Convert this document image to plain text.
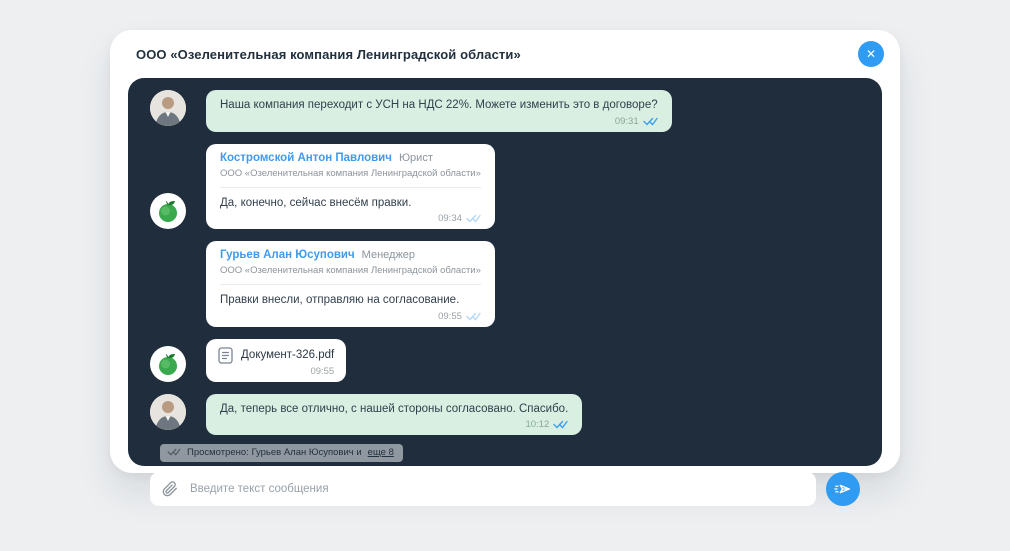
ООО «Озеленительная компания Ленинградской области»	✕
Наша компания переходит с УСН на НДС 22%. Можете изменить это в договоре?
09:31
Костромской Антон Павлович Юрист
ООО «Озеленительная компания Ленинградской области»
Да, конечно, сейчас внесём правки.
09:34
Гурьев Алан Юсупович Менеджер
ООО «Озеленительная компания Ленинградской области»
Правки внесли, отправляю на согласование.
09:55
Документ-326.pdf
09:55
Да, теперь все отлично, с нашей стороны согласовано. Спасибо.
10:12
Просмотрено: Гурьев Алан Юсупович и еще 8
Введите текст сообщения
